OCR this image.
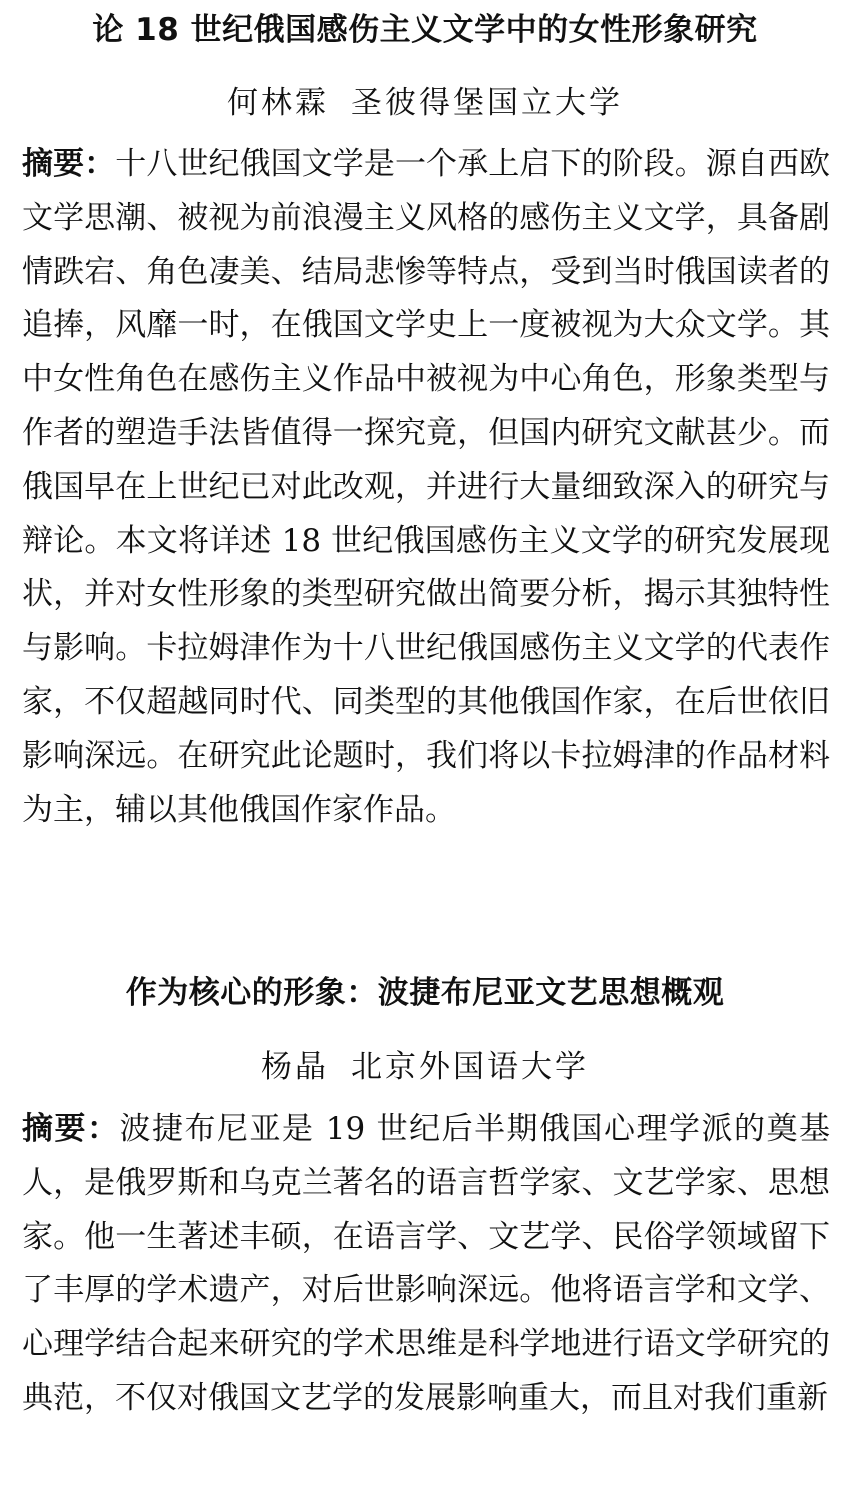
论 18 世纪俄国感伤主义文学中的女性形象研究
何林霖 圣彼得堡国立大学

摘要：十八世纪俄国文学是一个承上启下的阶段。源自西欧文学思潮、被视为前浪漫主义风格的感伤主义文学，具备剧情跌宕、角色凄美、结局悲惨等特点，受到当时俄国读者的追捧，风靡一时，在俄国文学史上一度被视为大众文学。其中女性角色在感伤主义作品中被视为中心角色，形象类型与作者的塑造手法皆值得一探究竟，但国内研究文献甚少。而俄国早在上世纪已对此改观，并进行大量细致深入的研究与辩论。本文将详述 18 世纪俄国感伤主义文学的研究发展现状，并对女性形象的类型研究做出简要分析，揭示其独特性与影响。卡拉姆津作为十八世纪俄国感伤主义文学的代表作家，不仅超越同时代、同类型的其他俄国作家，在后世依旧影响深远。在研究此论题时，我们将以卡拉姆津的作品材料为主，辅以其他俄国作家作品。

作为核心的形象：波捷布尼亚文艺思想概观
杨晶 北京外国语大学

摘要：波捷布尼亚是 19 世纪后半期俄国心理学派的奠基人，是俄罗斯和乌克兰著名的语言哲学家、文艺学家、思想家。他一生著述丰硕，在语言学、文艺学、民俗学领域留下了丰厚的学术遗产，对后世影响深远。他将语言学和文学、心理学结合起来研究的学术思维是科学地进行语文学研究的典范，不仅对俄国文艺学的发展影响重大，而且对我们重新
